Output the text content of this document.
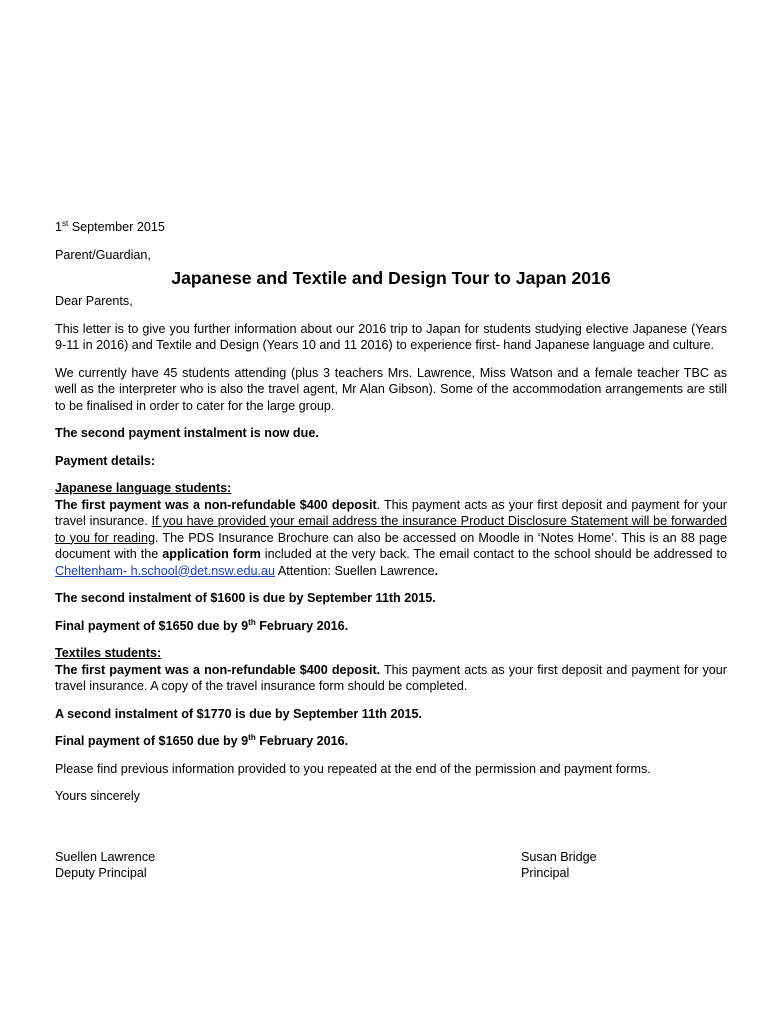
1st September 2015

Parent/Guardian,

Japanese and Textile and Design Tour to Japan 2016

Dear Parents,

This letter is to give you further information about our 2016 trip to Japan for students studying elective Japanese (Years 9-11 in 2016) and Textile and Design (Years 10 and 11 2016) to experience first- hand Japanese language and culture.

We currently have 45 students attending (plus 3 teachers Mrs. Lawrence, Miss Watson and a female teacher TBC as well as the interpreter who is also the travel agent, Mr Alan Gibson). Some of the accommodation arrangements are still to be finalised in order to cater for the large group.

The second payment instalment is now due.

Payment details:

Japanese language students:

The first payment was a non-refundable $400 deposit. This payment acts as your first deposit and payment for your travel insurance. If you have provided your email address the insurance Product Disclosure Statement will be forwarded to you for reading. The PDS Insurance Brochure can also be accessed on Moodle in ‘Notes Home’. This is an 88 page document with the application form included at the very back. The email contact to the school should be addressed to Cheltenham- h.school@det.nsw.edu.au Attention: Suellen Lawrence.

The second instalment of $1600 is due by September 11th 2015.

Final payment of $1650 due by 9th February 2016.

Textiles students:

The first payment was a non-refundable $400 deposit. This payment acts as your first deposit and payment for your travel insurance. A copy of the travel insurance form should be completed.

A second instalment of $1770 is due by September 11th 2015.

Final payment of $1650 due by 9th February 2016.

Please find previous information provided to you repeated at the end of the permission and payment forms.

Yours sincerely

Suellen Lawrence

Deputy Principal

Susan Bridge

Principal
